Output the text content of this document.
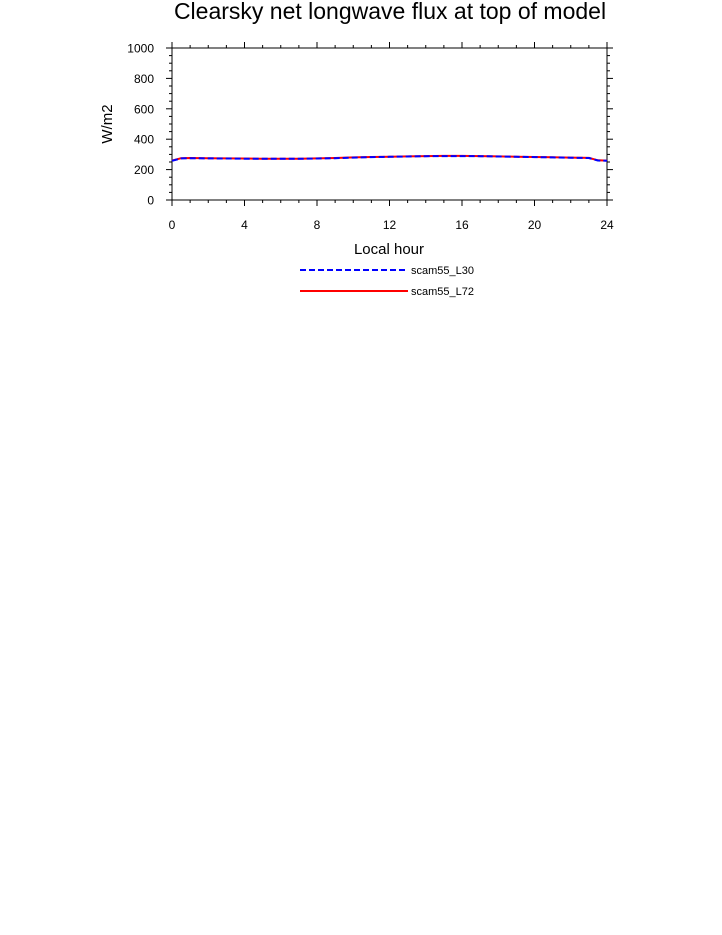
Clearsky net longwave flux at top of model
0	4	8	12	16	20	24
0
200
400
600
800
1000
Local hour
W/m2
scam55_L30
scam55_L72
